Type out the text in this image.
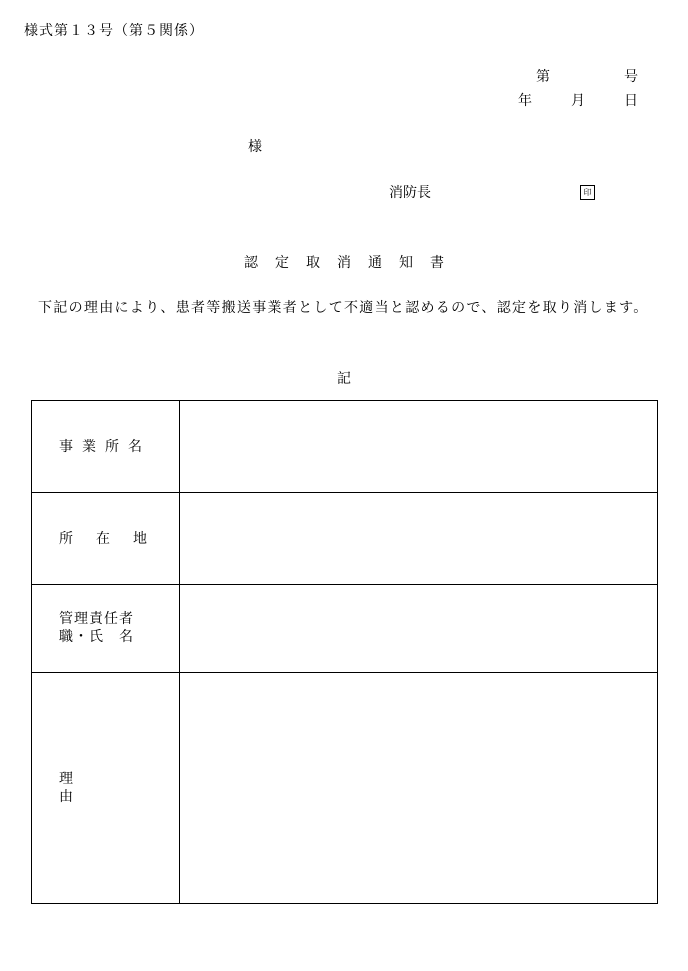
様式第１３号（第５関係）
第	号
年	月	日
様
消防長	印
認定取消通知書
下記の理由により、患者等搬送事業者として不適当と認めるので、認定を取り消します。
記
事業所名	

所在地	

管理責任者
職・氏　名	

理由	
